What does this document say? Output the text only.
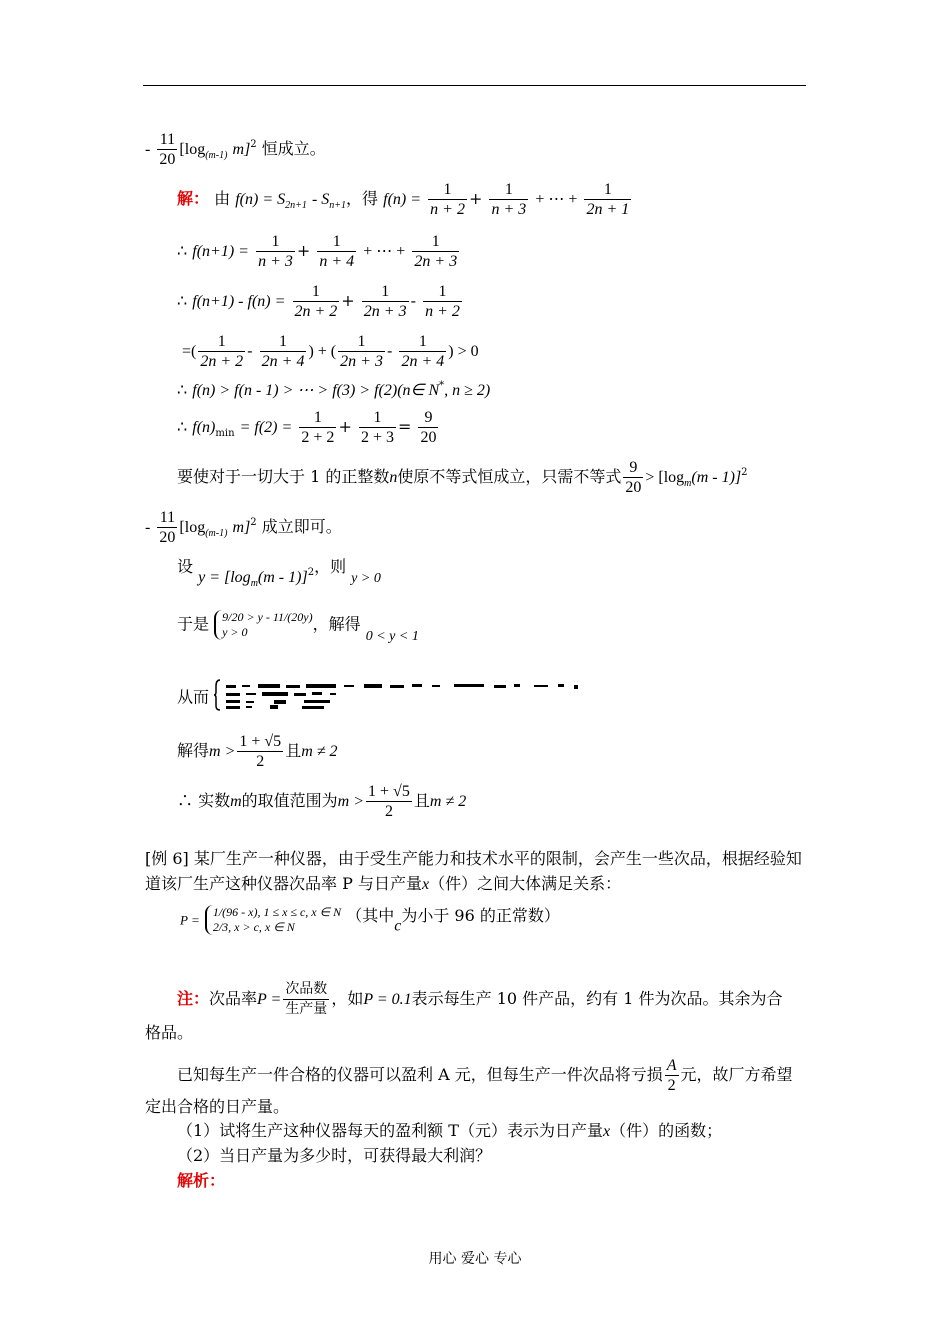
- $\frac{11}{20} [\log_{(m-1)}$ m]$^2$ 恒成立。
解： 由 $f(n) = S_{2n+1} - S_{n+1}$，得 $f(n) = \frac{1}{n + 2} + \frac{1}{n + 3}$ + ⋯ + $\frac{1}{2n + 1}$
∴ $f(n+1) = \frac{1}{n + 3} + \frac{1}{n + 4}$ + ⋯ + $\frac{1}{2n + 3}$
∴ $f(n+1) - f(n) = \frac{1}{2n + 2} + \frac{1}{2n + 3} - \frac{1}{n + 2}$
=( $\frac{1}{2n + 2} - \frac{1}{2n + 4}$ ) + ( $\frac{1}{2n + 3} - \frac{1}{2n + 4}$ ) > 0
∴ f(n) > f(n - 1) > ⋯ > f(3) > f(2)(n∈ N*, n ≥ 2)
∴ $f(n)_{min} = f(2) = \frac{1}{2 + 2} + \frac{1}{2 + 3} = \frac{9}{20}$
要使对于一切大于 1 的正整数n使原不等式恒成立，只需不等式 $\frac{9}{20} > [\log_m(m - 1)]^2$
- $\frac{11}{20} [\log_{(m-1)}$ m]$^2$ 成立即可。
设 $y = [\log_m(m - 1)]^2$，则 y > 0
于是 9/20 > y - 11/(20y)
y > 0	，解得 0 < y < 1
从而
解得$m > \frac{1 + √5}{2}$ 且m ≠ 2
∴ 实数m的取值范围为$m > \frac{1 + √5}{2}$ 且m ≠ 2
[例 6] 某厂生产一种仪器，由于受生产能力和技术水平的限制，会产生一些次品，根据经验知
道该厂生产这种仪器次品率 P 与日产量x（件）之间大体满足关系：
P =
1/(96 - x), 1 ≤ x ≤ c, x ∈ N
2/3, x > c, x ∈ N
（其中c为小于 96 的正常数）
注：次品率$P = \frac{\text{次品数}}{\text{生产量}}$ ，如P = 0.1表示每生产 10 件产品，约有 1 件为次品。其余为合
格品。
已知每生产一件合格的仪器可以盈利 A 元，但每生产一件次品将亏损 $\frac{A}{2}$ 元，故厂方希望
定出合格的日产量。
（1）试将生产这种仪器每天的盈利额 T（元）表示为日产量x（件）的函数；
（2）当日产量为多少时，可获得最大利润？
解析：
用心 爱心 专心
